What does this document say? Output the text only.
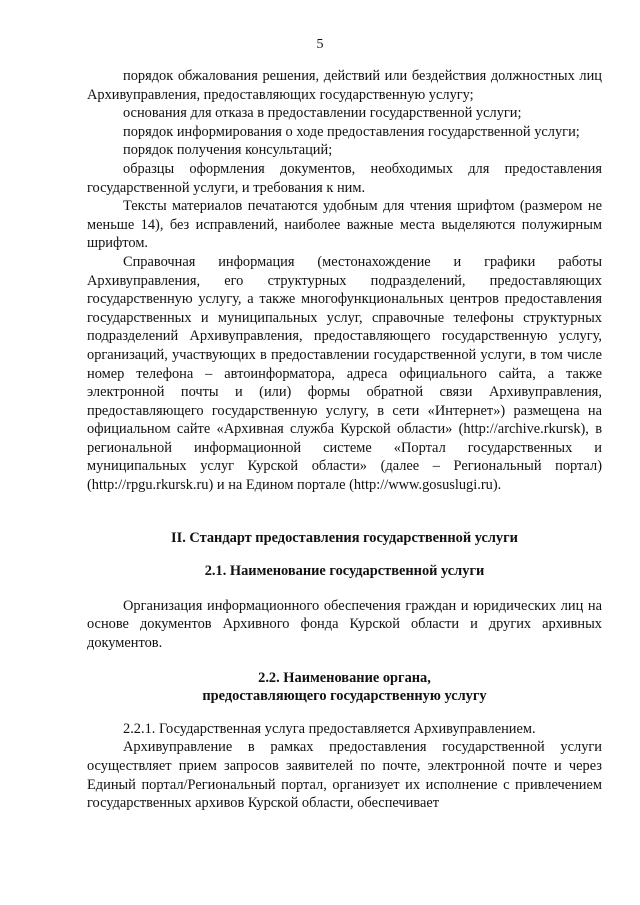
5

порядок обжалования решения, действий или бездействия должностных лиц Архивуправления, предоставляющих государственную услугу;

основания для отказа в предоставлении государственной услуги;

порядок информирования о ходе предоставления государственной услуги;

порядок получения консультаций;

образцы оформления документов, необходимых для предоставления государственной услуги, и требования к ним.

Тексты материалов печатаются удобным для чтения шрифтом (размером не меньше 14), без исправлений, наиболее важные места выделяются полужирным шрифтом.

Справочная информация (местонахождение и графики работы Архивуправления, его структурных подразделений, предоставляющих государственную услугу, а также многофункциональных центров предоставления государственных и муниципальных услуг, справочные телефоны структурных подразделений Архивуправления, предоставляющего государственную услугу, организаций, участвующих в предоставлении государственной услуги, в том числе номер телефона – автоинформатора, адреса официального сайта, а также электронной почты и (или) формы обратной связи Архивуправления, предоставляющего государственную услугу, в сети «Интернет») размещена на официальном сайте «Архивная служба Курской области» (http://archive.rkursk), в региональной информационной системе «Портал государственных и муниципальных услуг Курской области» (далее – Региональный портал) (http://rpgu.rkursk.ru) и на Едином портале (http://www.gosuslugi.ru).

II. Стандарт предоставления государственной услуги
2.1. Наименование государственной услуги

Организация информационного обеспечения граждан и юридических лиц на основе документов Архивного фонда Курской области и других архивных документов.

2.2. Наименование органа,
предоставляющего государственную услугу

2.2.1. Государственная услуга предоставляется Архивуправлением.

Архивуправление в рамках предоставления государственной услуги осуществляет прием запросов заявителей по почте, электронной почте и через Единый портал/Региональный портал, организует их исполнение с привлечением государственных архивов Курской области, обеспечивает
